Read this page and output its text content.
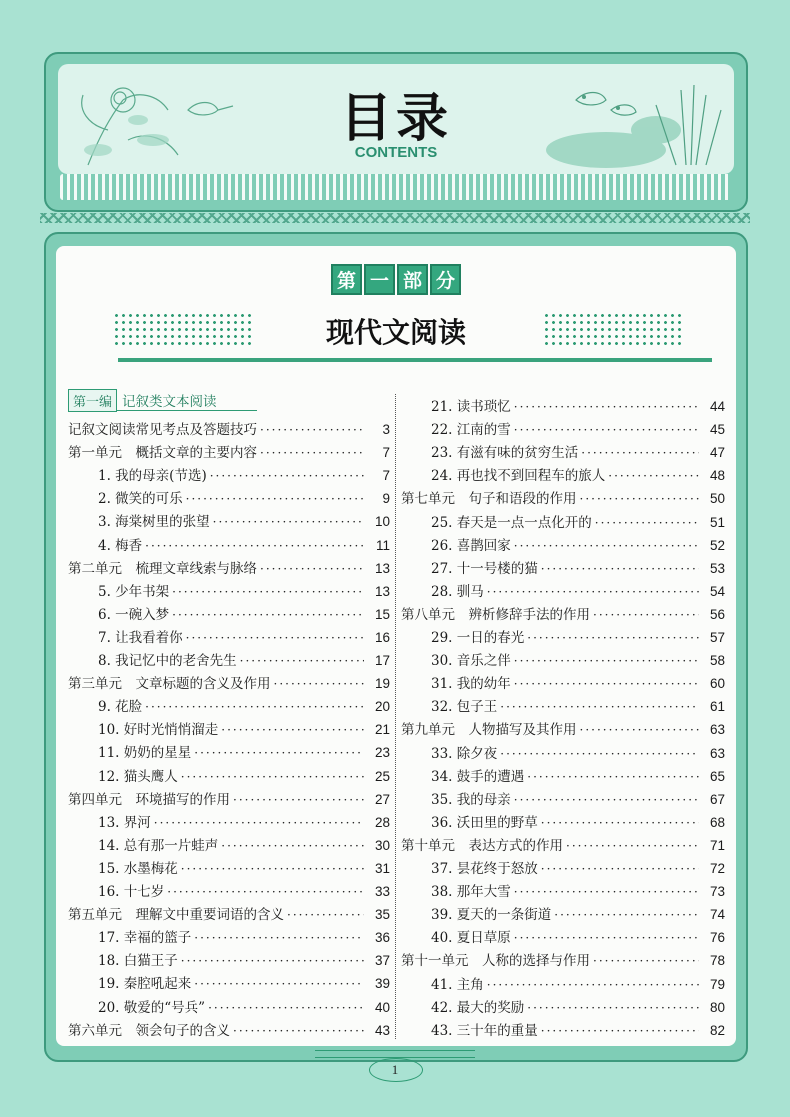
目录
CONTENTS
第 一 部 分
现代文阅读
第一编 记叙类文本阅读
记叙文阅读常见考点及答题技巧 ·····	3
第一单元　概括文章的主要内容 ·····	7
1. 我的母亲(节选) ·····	7
2. 微笑的可乐 ·····	9
3. 海棠树里的张望 ·····	10
4. 梅香 ·····	11
第二单元　梳理文章线索与脉络 ·····	13
5. 少年书架 ·····	13
6. 一碗入梦 ·····	15
7. 让我看着你 ·····	16
8. 我记忆中的老舍先生 ·····	17
第三单元　文章标题的含义及作用 ·····	19
9. 花脸 ·····	20
10. 好时光悄悄溜走 ·····	21
11. 奶奶的星星 ·····	23
12. 猫头鹰人 ·····	25
第四单元　环境描写的作用 ·····	27
13. 界河 ·····	28
14. 总有那一片蛙声 ·····	30
15. 水墨梅花 ·····	31
16. 十七岁 ·····	33
第五单元　理解文中重要词语的含义 ·····	35
17. 幸福的篮子 ·····	36
18. 白猫王子 ·····	37
19. 秦腔吼起来 ·····	39
20. 敬爱的“号兵” ·····	40
第六单元　领会句子的含义 ·····	43
21. 读书琐忆 ·····	44
22. 江南的雪 ·····	45
23. 有滋有味的贫穷生活 ·····	47
24. 再也找不到回程车的旅人 ·····	48
第七单元　句子和语段的作用 ·····	50
25. 春天是一点一点化开的 ·····	51
26. 喜鹊回家 ·····	52
27. 十一号楼的猫 ·····	53
28. 驯马 ·····	54
第八单元　辨析修辞手法的作用 ·····	56
29. 一日的春光 ·····	57
30. 音乐之伴 ·····	58
31. 我的幼年 ·····	60
32. 包子王 ·····	61
第九单元　人物描写及其作用 ·····	63
33. 除夕夜 ·····	63
34. 鼓手的遭遇 ·····	65
35. 我的母亲 ·····	67
36. 沃田里的野草 ·····	68
第十单元　表达方式的作用 ·····	71
37. 昙花终于怒放 ·····	72
38. 那年大雪 ·····	73
39. 夏天的一条街道 ·····	74
40. 夏日草原 ·····	76
第十一单元　人称的选择与作用 ·····	78
41. 主角 ·····	79
42. 最大的奖励 ·····	80
43. 三十年的重量 ·····	82
1
